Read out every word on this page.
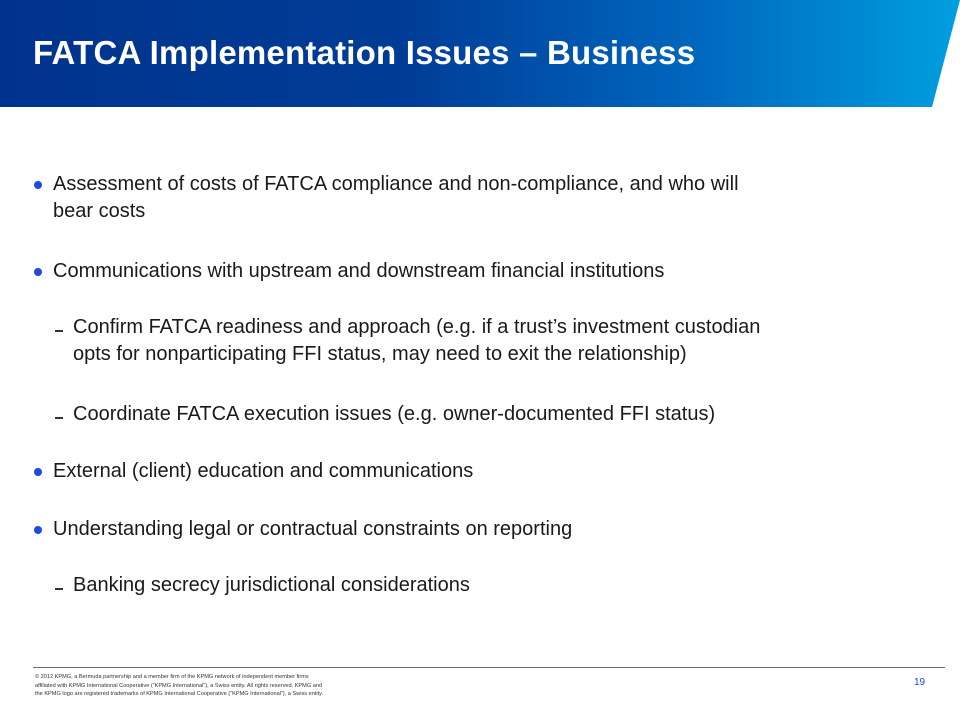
FATCA Implementation Issues – Business
Assessment of costs of FATCA compliance and non-compliance, and who will
bear costs
Communications with upstream and downstream financial institutions
Confirm FATCA readiness and approach (e.g. if a trust’s investment custodian
opts for nonparticipating FFI status, may need to exit the relationship)
Coordinate FATCA execution issues (e.g. owner-documented FFI status)
External (client) education and communications
Understanding legal or contractual constraints on reporting
Banking secrecy jurisdictional considerations
© 2012 KPMG, a Bermuda partnership and a member firm of the KPMG network of independent member firms
affiliated with KPMG International Cooperative (“KPMG International”), a Swiss entity. All rights reserved. KPMG and
the KPMG logo are registered trademarks of KPMG International Cooperative (“KPMG International”), a Swiss entity.
19
